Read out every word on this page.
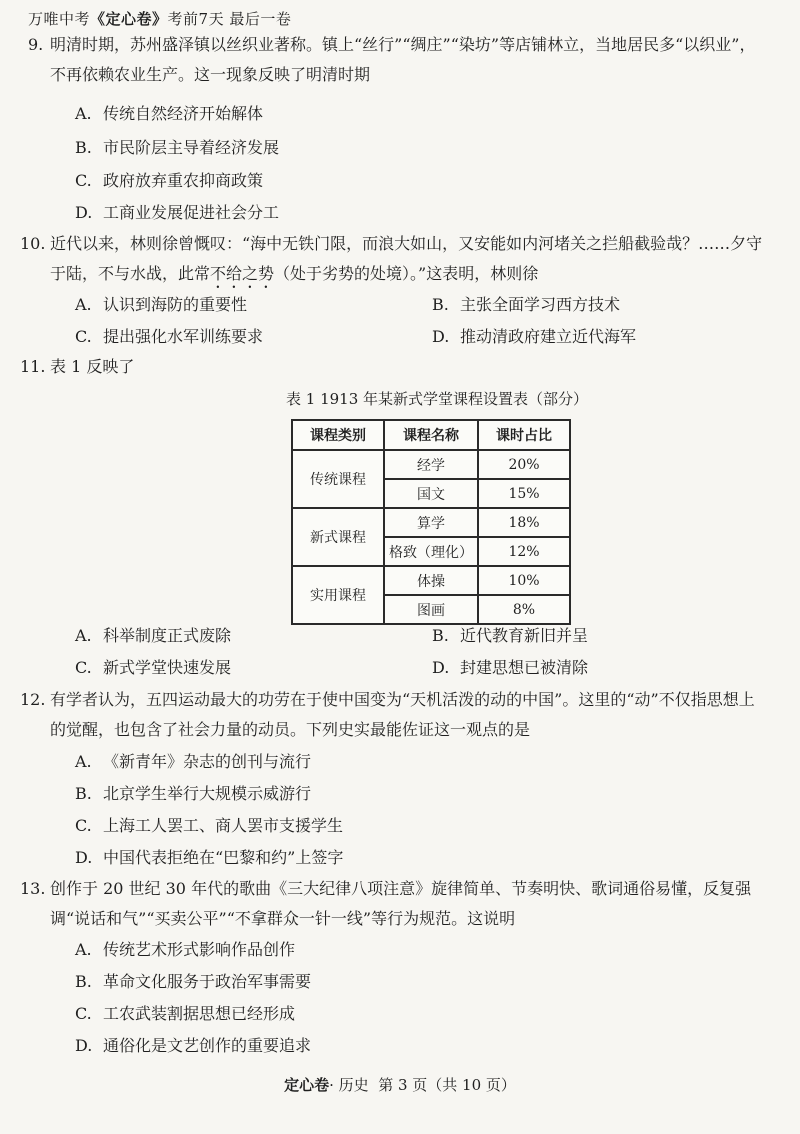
万唯中考《定心卷》考前7天 最后一卷
9. 明清时期，苏州盛泽镇以丝织业著称。镇上“丝行”“绸庄”“染坊”等店铺林立，当地居民多“以织业”，不再依赖农业生产。这一现象反映了明清时期
A. 传统自然经济开始解体
B. 市民阶层主导着经济发展
C. 政府放弃重农抑商政策
D. 工商业发展促进社会分工
10. 近代以来，林则徐曾慨叹：“海中无铁门限，而浪大如山，又安能如内河堵关之拦船截验哉？……夕守于陆，不与水战，此常不给之势（处于劣势的处境）。”这表明，林则徐
A. 认识到海防的重要性	B. 主张全面学习西方技术
C. 提出强化水军训练要求	D. 推动清政府建立近代海军
11. 表 1 反映了
表 1 1913 年某新式学堂课程设置表（部分）
课程类别	课程名称	课时占比
传统课程	经学	20%
	国文	15%
新式课程	算学	18%
	格致（理化）	12%
实用课程	体操	10%
	图画	8%
A. 科举制度正式废除	B. 近代教育新旧并呈
C. 新式学堂快速发展	D. 封建思想已被清除
12. 有学者认为，五四运动最大的功劳在于使中国变为“天机活泼的动的中国”。这里的“动”不仅指思想上的觉醒，也包含了社会力量的动员。下列史实最能佐证这一观点的是
A. 《新青年》杂志的创刊与流行
B. 北京学生举行大规模示威游行
C. 上海工人罢工、商人罢市支援学生
D. 中国代表拒绝在“巴黎和约”上签字
13. 创作于 20 世纪 30 年代的歌曲《三大纪律八项注意》旋律简单、节奏明快、歌词通俗易懂，反复强调“说话和气”“买卖公平”“不拿群众一针一线”等行为规范。这说明
A. 传统艺术形式影响作品创作
B. 革命文化服务于政治军事需要
C. 工农武装割据思想已经形成
D. 通俗化是文艺创作的重要追求
定心卷· 历史 第 3 页（共 10 页）
